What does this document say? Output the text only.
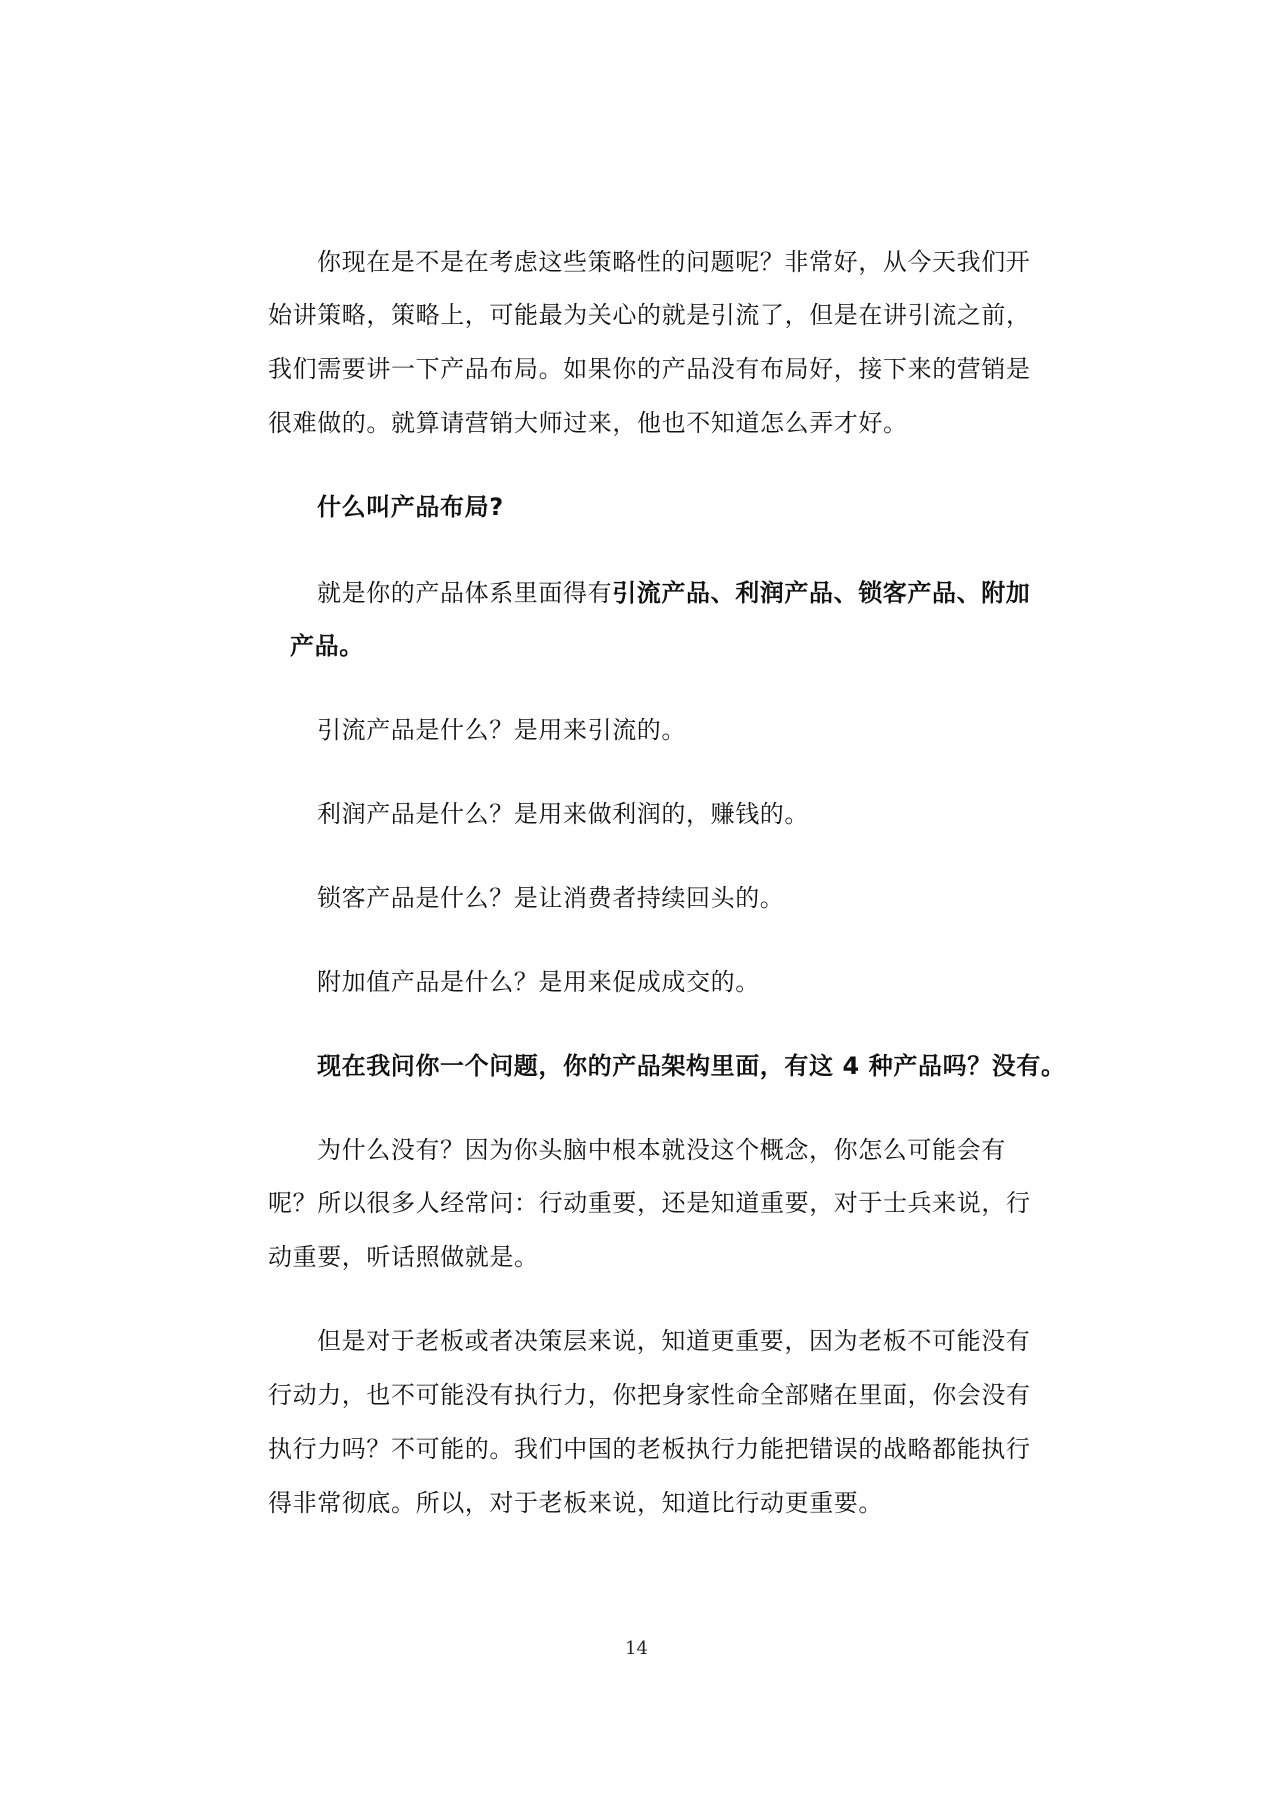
你现在是不是在考虑这些策略性的问题呢？非常好，从今天我们开
始讲策略，策略上，可能最为关心的就是引流了，但是在讲引流之前，
我们需要讲一下产品布局。如果你的产品没有布局好，接下来的营销是
很难做的。就算请营销大师过来，他也不知道怎么弄才好。
什么叫产品布局?
就是你的产品体系里面得有引流产品、利润产品、锁客产品、附加
产品。
引流产品是什么？是用来引流的。
利润产品是什么？是用来做利润的，赚钱的。
锁客产品是什么？是让消费者持续回头的。
附加值产品是什么？是用来促成成交的。
现在我问你一个问题，你的产品架构里面，有这 4 种产品吗？没有。
为什么没有？因为你头脑中根本就没这个概念，你怎么可能会有
呢？所以很多人经常问：行动重要，还是知道重要，对于士兵来说，行
动重要，听话照做就是。
但是对于老板或者决策层来说，知道更重要，因为老板不可能没有
行动力，也不可能没有执行力，你把身家性命全部赌在里面，你会没有
执行力吗？不可能的。我们中国的老板执行力能把错误的战略都能执行
得非常彻底。所以，对于老板来说，知道比行动更重要。
14
